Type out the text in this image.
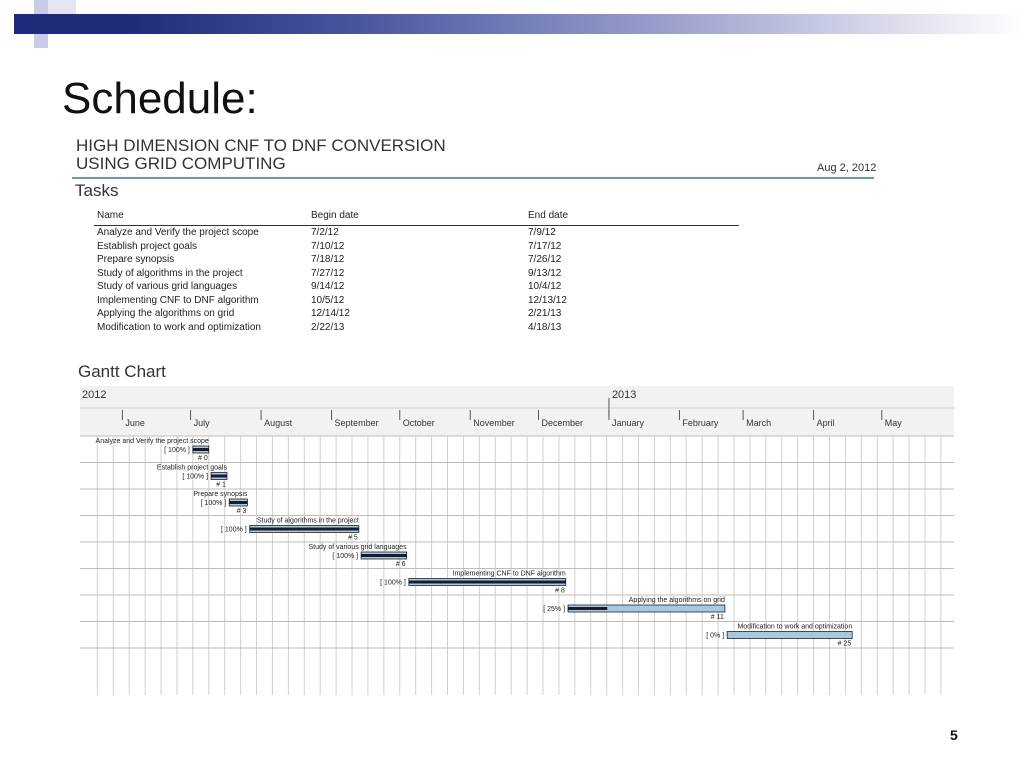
Schedule:
HIGH DIMENSION CNF TO DNF CONVERSION
USING GRID COMPUTING	Aug 2, 2012
Tasks
Name	Begin date	End date
Analyze and Verify the project scope	7/2/12	7/9/12
Establish project goals	7/10/12	7/17/12
Prepare synopsis	7/18/12	7/26/12
Study of algorithms in the project	7/27/12	9/13/12
Study of various grid languages	9/14/12	10/4/12
Implementing CNF to DNF algorithm	10/5/12	12/13/12
Applying the algorithms on grid	12/14/12	2/21/13
Modification to work and optimization	2/22/13	4/18/13
Gantt Chart
2012	2013
June	July	August	September	October	November	December	January	February	March	April	May
Analyze and Verify the project scope
[ 100% ]
# 0
Establish project goals
[ 100% ]
# 1
Prepare synopsis
[ 100% ]
# 3
Study of algorithms in the project
[ 100% ]
# 5
Study of various grid languages
[ 100% ]
# 6
Implementing CNF to DNF algorithm
[ 100% ]
# 8
Applying the algorithms on grid
[ 25% ]
# 11
Modification to work and optimization
[ 0% ]
# 25
5
